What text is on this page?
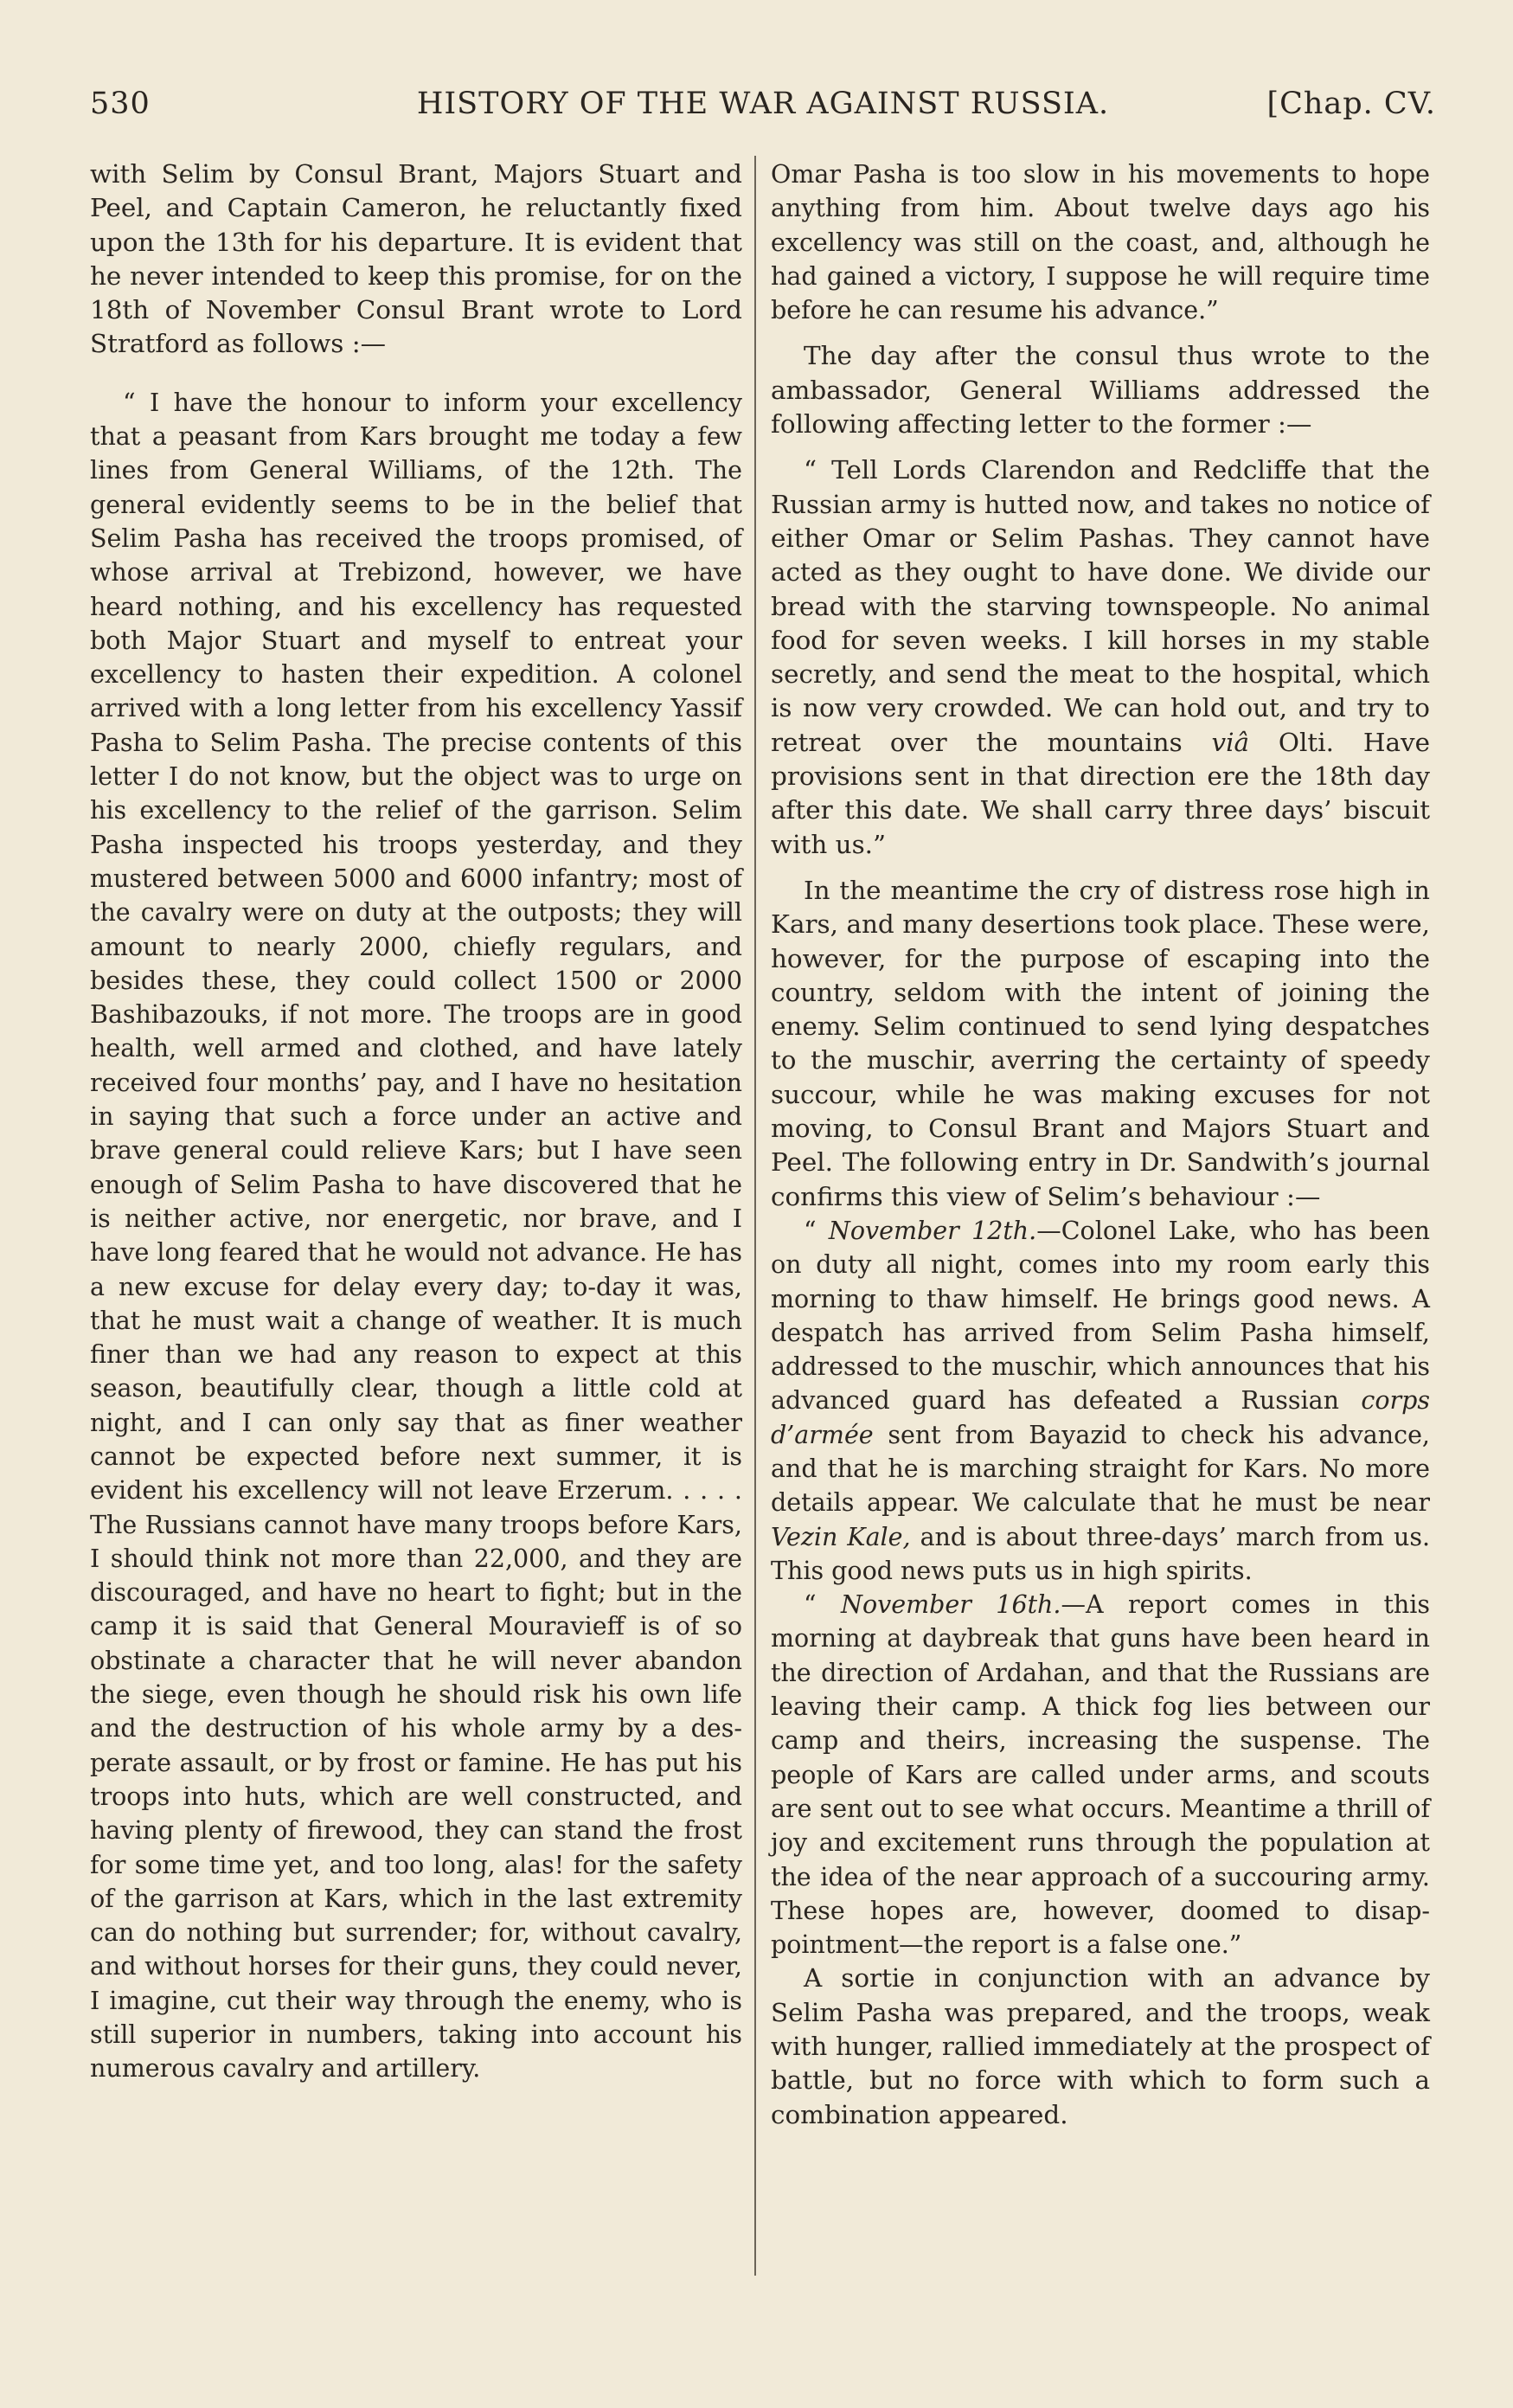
530	HISTORY OF THE WAR AGAINST RUSSIA.	[Chap. CV.

with Selim by Consul Brant, Majors Stuart and Peel, and Captain Cameron, he reluctantly fixed upon the 13th for his departure. It is evident that he never intended to keep this promise, for on the 18th of November Consul Brant wrote to Lord Stratford as follows :—

“ I have the honour to inform your excellency that a peasant from Kars brought me today a few lines from General Williams, of the 12th. The general evidently seems to be in the belief that Selim Pasha has received the troops promised, of whose arrival at Trebizond, however, we have heard nothing, and his excellency has requested both Major Stuart and myself to entreat your excellency to hasten their expedition. A colonel arrived with a long letter from his excellency Yassif Pasha to Selim Pasha. The precise contents of this letter I do not know, but the object was to urge on his excellency to the relief of the garrison. Selim Pasha inspected his troops yesterday, and they mustered between 5000 and 6000 infantry; most of the cavalry were on duty at the outposts; they will amount to nearly 2000, chiefly regulars, and besides these, they could collect 1500 or 2000 Bashibazouks, if not more. The troops are in good health, well armed and clothed, and have lately received four months’ pay, and I have no hesitation in saying that such a force under an active and brave general could relieve Kars; but I have seen enough of Selim Pasha to have discovered that he is neither active, nor energetic, nor brave, and I have long feared that he would not advance. He has a new excuse for delay every day; to-day it was, that he must wait a change of weather. It is much finer than we had any reason to expect at this season, beautifully clear, though a little cold at night, and I can only say that as finer weather cannot be expected before next summer, it is evident his excellency will not leave Erzerum. . . . . The Russians cannot have many troops before Kars, I should think not more than 22,000, and they are discouraged, and have no heart to fight; but in the camp it is said that General Mouravieff is of so obstinate a character that he will never abandon the siege, even though he should risk his own life and the destruction of his whole army by a desperate assault, or by frost or famine. He has put his troops into huts, which are well constructed, and having plenty of firewood, they can stand the frost for some time yet, and too long, alas! for the safety of the garrison at Kars, which in the last extremity can do nothing but surrender; for, without cavalry, and without horses for their guns, they could never, I imagine, cut their way through the enemy, who is still superior in numbers, taking into account his numerous cavalry and artillery.

Omar Pasha is too slow in his movements to hope anything from him. About twelve days ago his excellency was still on the coast, and, although he had gained a victory, I suppose he will require time before he can resume his advance.”

The day after the consul thus wrote to the ambassador, General Williams addressed the following affecting letter to the former :—

“ Tell Lords Clarendon and Redcliffe that the Russian army is hutted now, and takes no notice of either Omar or Selim Pashas. They cannot have acted as they ought to have done. We divide our bread with the starving townspeople. No animal food for seven weeks. I kill horses in my stable secretly, and send the meat to the hospital, which is now very crowded. We can hold out, and try to retreat over the mountains viâ Olti. Have provisions sent in that direction ere the 18th day after this date. We shall carry three days’ biscuit with us.”

In the meantime the cry of distress rose high in Kars, and many desertions took place. These were, however, for the purpose of escaping into the country, seldom with the intent of joining the enemy. Selim continued to send lying despatches to the muschir, averring the certainty of speedy succour, while he was making excuses for not moving, to Consul Brant and Majors Stuart and Peel. The following entry in Dr. Sandwith’s journal confirms this view of Selim’s behaviour :—

“ November 12th.—Colonel Lake, who has been on duty all night, comes into my room early this morning to thaw himself. He brings good news. A despatch has arrived from Selim Pasha himself, addressed to the muschir, which announces that his advanced guard has defeated a Russian corps d’armée sent from Bayazid to check his advance, and that he is marching straight for Kars. No more details appear. We calculate that he must be near Vezin Kale, and is about three-days’ march from us. This good news puts us in high spirits.

“ November 16th.—A report comes in this morning at daybreak that guns have been heard in the direction of Ardahan, and that the Russians are leaving their camp. A thick fog lies between our camp and theirs, increasing the suspense. The people of Kars are called under arms, and scouts are sent out to see what occurs. Meantime a thrill of joy and excitement runs through the population at the idea of the near approach of a succouring army. These hopes are, however, doomed to disappointment—the report is a false one.”

A sortie in conjunction with an advance by Selim Pasha was prepared, and the troops, weak with hunger, rallied immediately at the prospect of battle, but no force with which to form such a combination appeared.
